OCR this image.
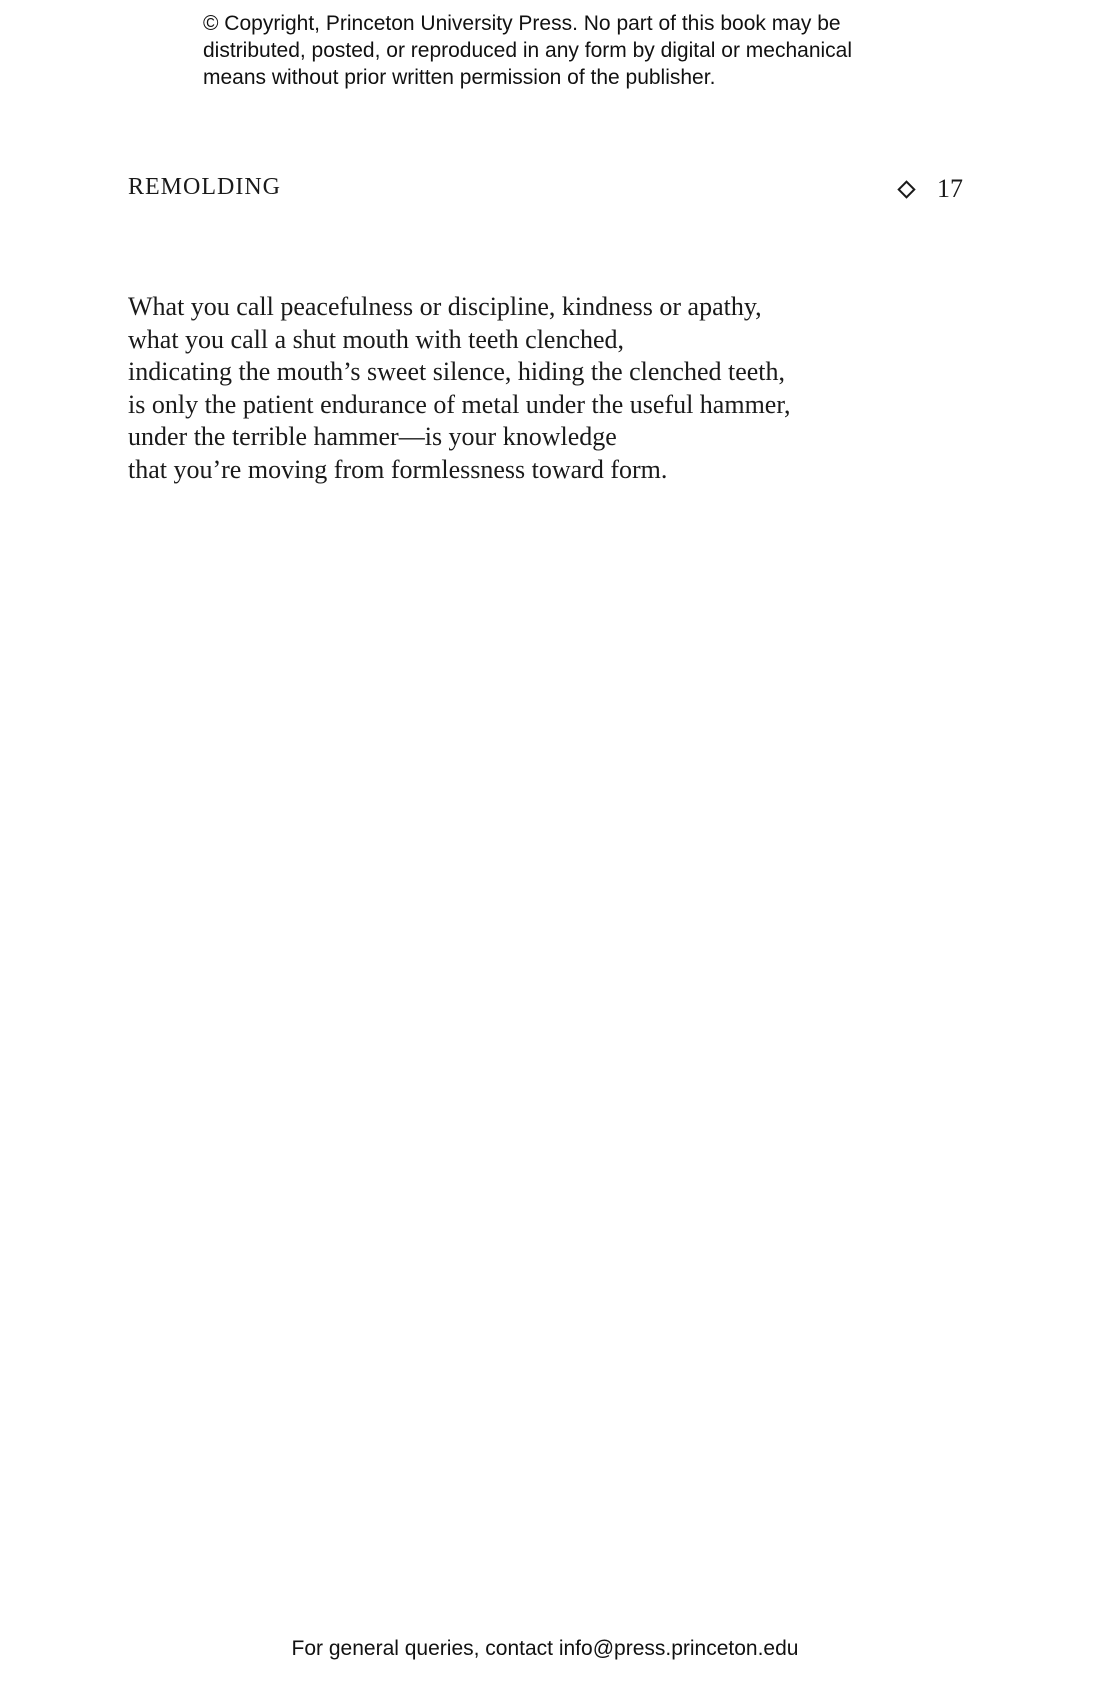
© Copyright, Princeton University Press. No part of this book may be
distributed, posted, or reproduced in any form by digital or mechanical
means without prior written permission of the publisher.
REMOLDING	17
What you call peacefulness or discipline, kindness or apathy,
what you call a shut mouth with teeth clenched,
indicating the mouth’s sweet silence, hiding the clenched teeth,
is only the patient endurance of metal under the useful hammer,
under the terrible hammer—is your knowledge
that you’re moving from formlessness toward form.
For general queries, contact info@press.princeton.edu
